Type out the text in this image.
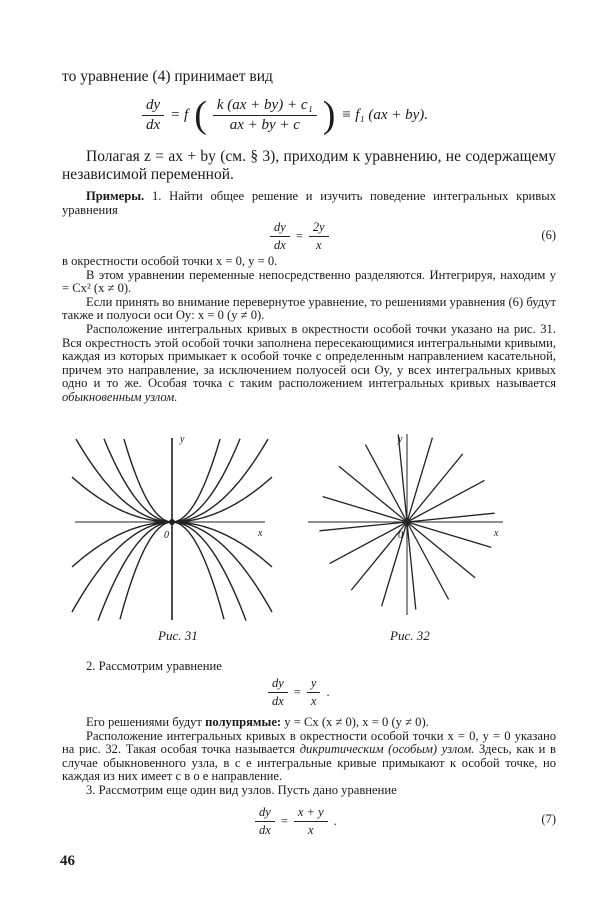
то уравнение (4) принимает вид
$\frac{dy}{dx} = f$ ( $\frac{\text{k (ax + by) + c₁}}{ax + by + c}$ ) ≡ f₁ (ax + by).
Полагая z = ax + by (см. § 3), приходим к уравнению, не содержащему независимой переменной.
Примеры. 1. Найти общее решение и изучить поведение интегральных кривых уравнения
$\frac{dy}{dx} = \frac{2y}{x}$	(6)
в окрестности особой точки x = 0, y = 0.
В этом уравнении переменные непосредственно разделяются. Интегрируя, находим y = Cx² (x ≠ 0).
Если принять во внимание перевернутое уравнение, то решениями уравнения (6) будут также и полуоси оси Oy: x = 0 (y ≠ 0).
Расположение интегральных кривых в окрестности особой точки указано на рис. 31. Вся окрестность этой особой точки заполнена пересекающимися интегральными кривыми, каждая из которых примыкает к особой точке с определенным направлением касательной, причем это направление, за исключением полуосей оси Oy, у всех интегральных кривых одно и то же. Особая точка с таким расположением интегральных кривых называется обыкновенным узлом.
Рис. 31	Рис. 32
y
x
0
y
x
0
2. Рассмотрим уравнение
$\frac{dy}{dx} = \frac{y}{x}$ .
Его решениями будут полупрямые: y = Cx (x ≠ 0), x = 0 (y ≠ 0).
Расположение интегральных кривых в окрестности особой точки x = 0, y = 0 указано на рис. 32. Такая особая точка называется дикритическим (особым) узлом. Здесь, как и в случае обыкновенного узла, в с е интегральные кривые примыкают к особой точке, но каждая из них имеет с в о е направление.
3. Рассмотрим еще один вид узлов. Пусть дано уравнение
$\frac{dy}{dx} = \frac{x + y}{x}$ .	(7)
46
